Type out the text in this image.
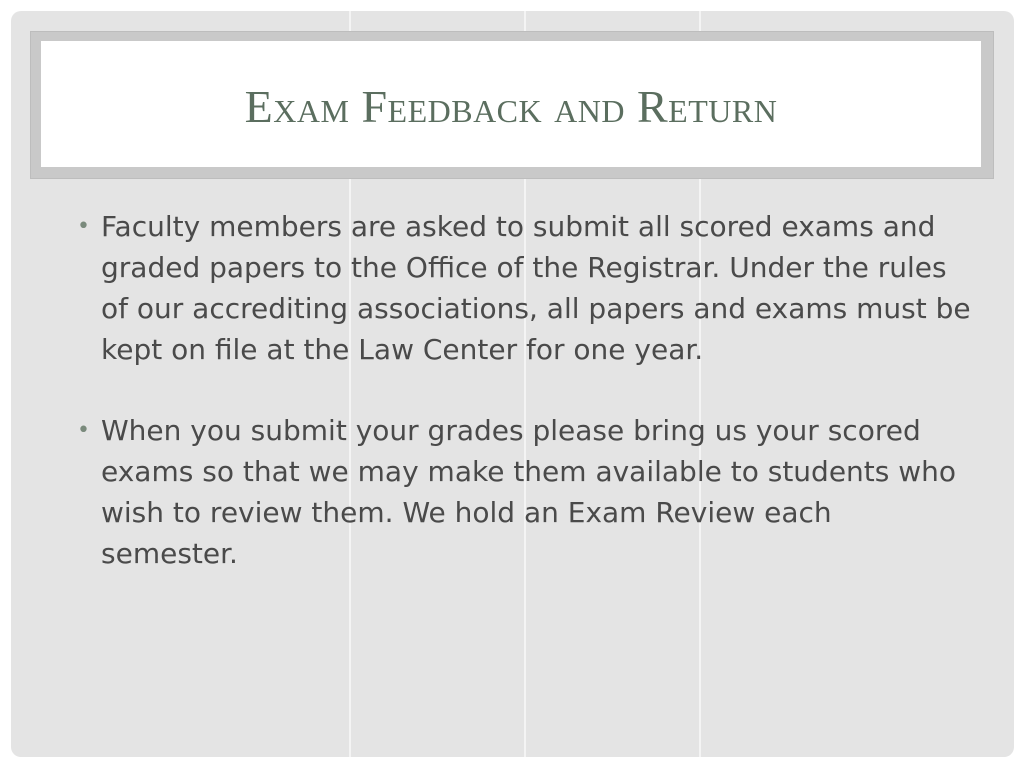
Exam Feedback and Return
• Faculty members are asked to submit all scored exams and graded papers to the Office of the Registrar. Under the rules of our accrediting associations, all papers and exams must be kept on file at the Law Center for one year.
• When you submit your grades please bring us your scored exams so that we may make them available to students who wish to review them. We hold an Exam Review each semester.
